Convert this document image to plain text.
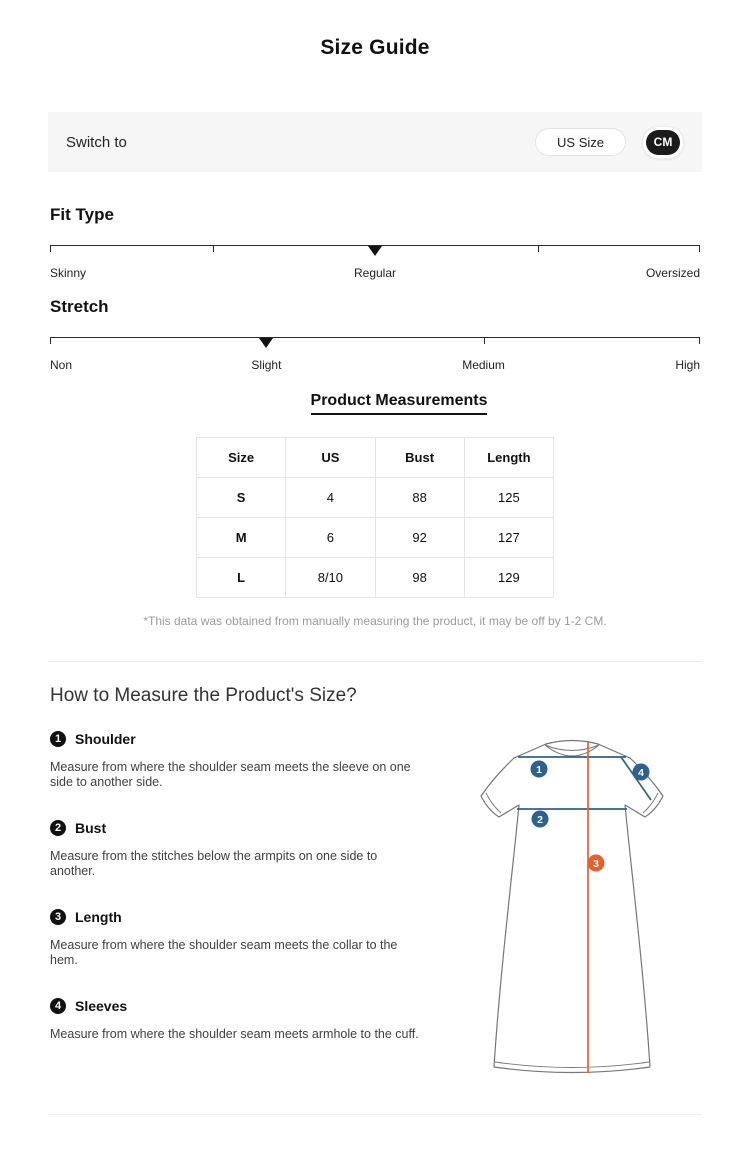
Size Guide
Switch to	US Size	CM
Fit Type
Skinny	Regular	Oversized
Stretch
Non	Slight	Medium	High
Product Measurements
Size	US	Bust	Length
S	4	88	125
M	6	92	127
L	8/10	98	129

*This data was obtained from manually measuring the product, it may be off by 1-2 CM.

How to Measure the Product's Size?
1 Shoulder

Measure from where the shoulder seam meets the sleeve on one side to another side.

2 Bust

Measure from the stitches below the armpits on one side to another.

3 Length

Measure from where the shoulder seam meets the collar to the hem.

4 Sleeves

Measure from where the shoulder seam meets armhole to the cuff.

1
2
3
4
